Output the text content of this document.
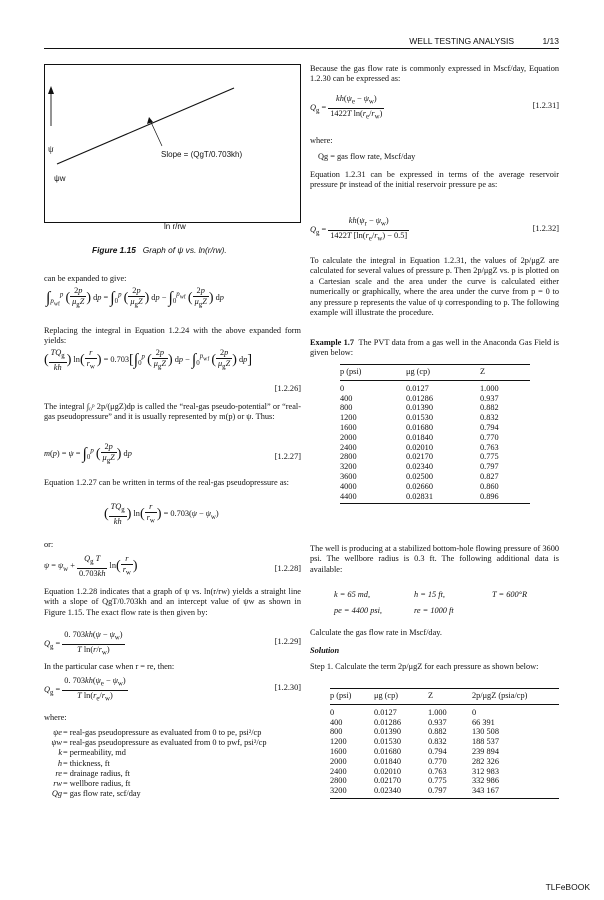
WELL TESTING ANALYSIS	1/13
ψ
ψw
Slope = (QgT/0.703kh)
ln r/rw
Figure 1.15 Graph of ψ vs. ln(r/rw).

can be expanded to give:

$\int_{p_{wf}}^p$ ( $\frac{2p}{\mu_gZ}$ ) dp = $\int_0^p$ ( $\frac{2p}{\mu_gZ}$ ) dp − $\int_0^{p_{wf}}$ ( $\frac{2p}{\mu_gZ}$ ) dp

Replacing the integral in Equation 1.2.24 with the above expanded form yields:

( $\frac{TQ_g}{kh}$ ) $\ln( \frac{r}{r_w}$ ) = $0.703[\int_0^p$ ( $\frac{2p}{\mu_gZ}$ ) dp − $\int_0^{p_{wf}}$ ( $\frac{2p}{\mu_gZ}$ ) dp]
[1.2.26]

The integral ∫₀ᵖ 2p/(μgZ)dp is called the “real-gas pseudo-potential” or “real-gas pseudopressure” and it is usually represented by m(p) or ψ. Thus:

$m(p) = \psi = \int_0^p$ ( $\frac{2p}{\mu_gZ}$ ) dp	[1.2.27]

Equation 1.2.27 can be written in terms of the real-gas pseudopressure as:

( $\frac{TQ_g}{kh}$ ) $\ln( \frac{r}{r_w}$ ) = $0.703(\psi - \psi_w)$

or:

$\psi = \psi_w + \frac{Q_g T}{0.703kh} \ln( \frac{r}{r_w}$ )	[1.2.28]

Equation 1.2.28 indicates that a graph of ψ vs. ln(r/rw) yields a straight line with a slope of QgT/0.703kh and an intercept value of ψw as shown in Figure 1.15. The exact flow rate is then given by:

$Q_g = \frac{0. 703kh(\psi - \psi_w)}{T \ln(r/r_w)}$	[1.2.29]

In the particular case when r = re, then:

$Q_g = \frac{0. 703kh(\psi_e - \psi_w)}{T \ln(r_e/r_w)}$	[1.2.30]

where:

ψe = real-gas pseudopressure as evaluated from 0 to pe, psi²/cp
ψw = real-gas pseudopressure as evaluated from 0 to pwf, psi²/cp
k = permeability, md
h = thickness, ft
re = drainage radius, ft
rw = wellbore radius, ft
Qg = gas flow rate, scf/day

Because the gas flow rate is commonly expressed in Mscf/day, Equation 1.2.30 can be expressed as:

$Q_g = \frac{kh(\psi_e - \psi_w)}{1422T \ln(r_e/r_w)}$	[1.2.31]

where:

Qg = gas flow rate, Mscf/day

Equation 1.2.31 can be expressed in terms of the average reservoir pressure p̄r instead of the initial reservoir pressure pe as:

$Q_g = \frac{kh(\psi_r - \psi_w)}{1422T [\ln(r_e/r_w) - 0.5]}$	[1.2.32]

To calculate the integral in Equation 1.2.31, the values of 2p/μgZ are calculated for several values of pressure p. Then 2p/μgZ vs. p is plotted on a Cartesian scale and the area under the curve is calculated either numerically or graphically, where the area under the curve from p = 0 to any pressure p represents the value of ψ corresponding to p. The following example will illustrate the procedure.

Example 1.7 The PVT data from a gas well in the Anaconda Gas Field is given below:

p (psi)	μg (cp)	Z
0	0.0127	1.000
400	0.01286	0.937
800	0.01390	0.882
1200	0.01530	0.832
1600	0.01680	0.794
2000	0.01840	0.770
2400	0.02010	0.763
2800	0.02170	0.775
3200	0.02340	0.797
3600	0.02500	0.827
4000	0.02660	0.860
4400	0.02831	0.896

The well is producing at a stabilized bottom-hole flowing pressure of 3600 psi. The wellbore radius is 0.3 ft. The following additional data is available:

k = 65 md,	h = 15 ft,	T = 600°R
pe = 4400 psi,	re = 1000 ft

Calculate the gas flow rate in Mscf/day.

Solution

Step 1. Calculate the term 2p/μgZ for each pressure as shown below:

p (psi)	μg (cp)	Z	2p/μgZ (psia/cp)
0	0.0127	1.000	0
400	0.01286	0.937	66 391
800	0.01390	0.882	130 508
1200	0.01530	0.832	188 537
1600	0.01680	0.794	239 894
2000	0.01840	0.770	282 326
2400	0.02010	0.763	312 983
2800	0.02170	0.775	332 986
3200	0.02340	0.797	343 167
TLFeBOOK
